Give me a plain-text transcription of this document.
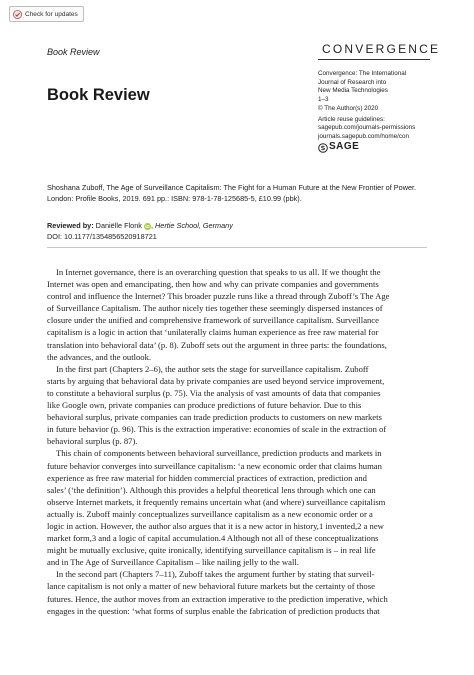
Check for updates
Book Review	CONVERGENCE
Book Review
Convergence: The International
Journal of Research into
New Media Technologies
1–3
© The Author(s) 2020
Article reuse guidelines:
sagepub.com/journals-permissions
journals.sagepub.com/home/con
SAGE
Shoshana Zuboff, The Age of Surveillance Capitalism: The Fight for a Human Future at the New Frontier of Power.
London: Profile Books, 2019. 691 pp.: ISBN: 978-1-78-125685-5, £10.99 (pbk).
Reviewed by: Daniëlle Flonk iD, Hertie School, Germany
DOI: 10.1177/1354856520918721
In Internet governance, there is an overarching question that speaks to us all. If we thought the
Internet was open and emancipating, then how and why can private companies and governments
control and influence the Internet? This broader puzzle runs like a thread through Zuboff’s The Age
of Surveillance Capitalism. The author nicely ties together these seemingly dispersed instances of
closure under the unified and comprehensive framework of surveillance capitalism. Surveillance
capitalism is a logic in action that ‘unilaterally claims human experience as free raw material for
translation into behavioral data’ (p. 8). Zuboff sets out the argument in three parts: the foundations,
the advances, and the outlook.
In the first part (Chapters 2–6), the author sets the stage for surveillance capitalism. Zuboff
starts by arguing that behavioral data by private companies are used beyond service improvement,
to constitute a behavioral surplus (p. 75). Via the analysis of vast amounts of data that companies
like Google own, private companies can produce predictions of future behavior. Due to this
behavioral surplus, private companies can trade prediction products to customers on new markets
in future behavior (p. 96). This is the extraction imperative: economies of scale in the extraction of
behavioral surplus (p. 87).
This chain of components between behavioral surveillance, prediction products and markets in
future behavior converges into surveillance capitalism: ‘a new economic order that claims human
experience as free raw material for hidden commercial practices of extraction, prediction and
sales’ (‘the definition’). Although this provides a helpful theoretical lens through which one can
observe Internet markets, it frequently remains uncertain what (and where) surveillance capitalism
actually is. Zuboff mainly conceptualizes surveillance capitalism as a new economic order or a
logic in action. However, the author also argues that it is a new actor in history,1 invented,2 a new
market form,3 and a logic of capital accumulation.4 Although not all of these conceptualizations
might be mutually exclusive, quite ironically, identifying surveillance capitalism is – in real life
and in The Age of Surveillance Capitalism – like nailing jelly to the wall.
In the second part (Chapters 7–11), Zuboff takes the argument further by stating that surveil-
lance capitalism is not only a matter of new behavioral future markets but the certainty of those
futures. Hence, the author moves from an extraction imperative to the prediction imperative, which
engages in the question: ‘what forms of surplus enable the fabrication of prediction products that
